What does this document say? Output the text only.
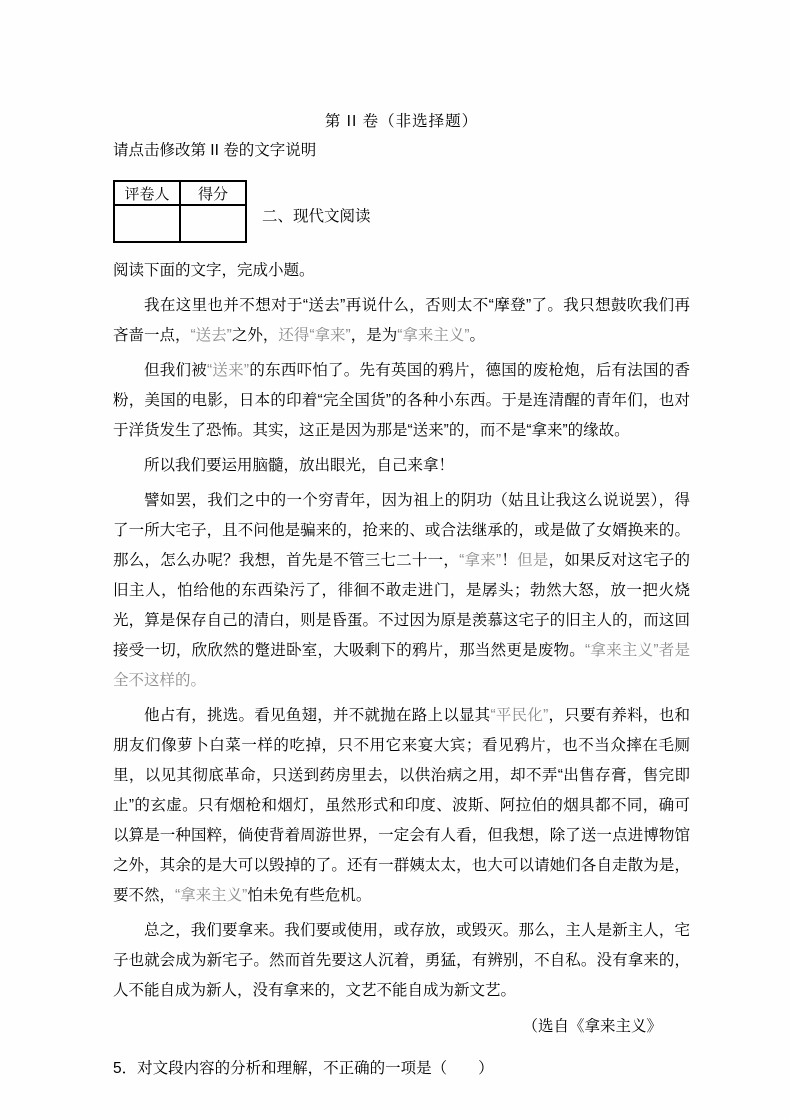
第 II 卷（非选择题）
请点击修改第 II 卷的文字说明
评卷人	得分

二、现代文阅读
阅读下面的文字，完成小题。

我在这里也并不想对于“送去”再说什么，否则太不“摩登”了。我只想鼓吹我们再吝啬一点，“送去”之外，还得“拿来”，是为“拿来主义”。

但我们被“送来”的东西吓怕了。先有英国的鸦片，德国的废枪炮，后有法国的香粉，美国的电影，日本的印着“完全国货”的各种小东西。于是连清醒的青年们，也对于洋货发生了恐怖。其实，这正是因为那是“送来”的，而不是“拿来”的缘故。

所以我们要运用脑髓，放出眼光，自己来拿！

譬如罢，我们之中的一个穷青年，因为祖上的阴功（姑且让我这么说说罢），得了一所大宅子，且不问他是骗来的，抢来的、或合法继承的，或是做了女婿换来的。那么，怎么办呢？我想，首先是不管三七二十一，“拿来”！但是，如果反对这宅子的旧主人，怕给他的东西染污了，徘徊不敢走进门，是孱头；勃然大怒，放一把火烧光，算是保存自己的清白，则是昏蛋。不过因为原是羡慕这宅子的旧主人的，而这回接受一切，欣欣然的蹩进卧室，大吸剩下的鸦片，那当然更是废物。“拿来主义”者是全不这样的。

他占有，挑选。看见鱼翅，并不就抛在路上以显其“平民化”，只要有养料，也和朋友们像萝卜白菜一样的吃掉，只不用它来宴大宾；看见鸦片，也不当众摔在毛厕里，以见其彻底革命，只送到药房里去，以供治病之用，却不弄“出售存膏，售完即止”的玄虚。只有烟枪和烟灯，虽然形式和印度、波斯、阿拉伯的烟具都不同，确可以算是一种国粹，倘使背着周游世界，一定会有人看，但我想，除了送一点进博物馆之外，其余的是大可以毁掉的了。还有一群姨太太，也大可以请她们各自走散为是，要不然，“拿来主义”怕未免有些危机。

总之，我们要拿来。我们要或使用，或存放，或毁灭。那么，主人是新主人，宅子也就会成为新宅子。然而首先要这人沉着，勇猛，有辨别，不自私。没有拿来的，人不能自成为新人，没有拿来的，文艺不能自成为新文艺。

（选自《拿来主义》
5．对文段内容的分析和理解，不正确的一项是（　　）
